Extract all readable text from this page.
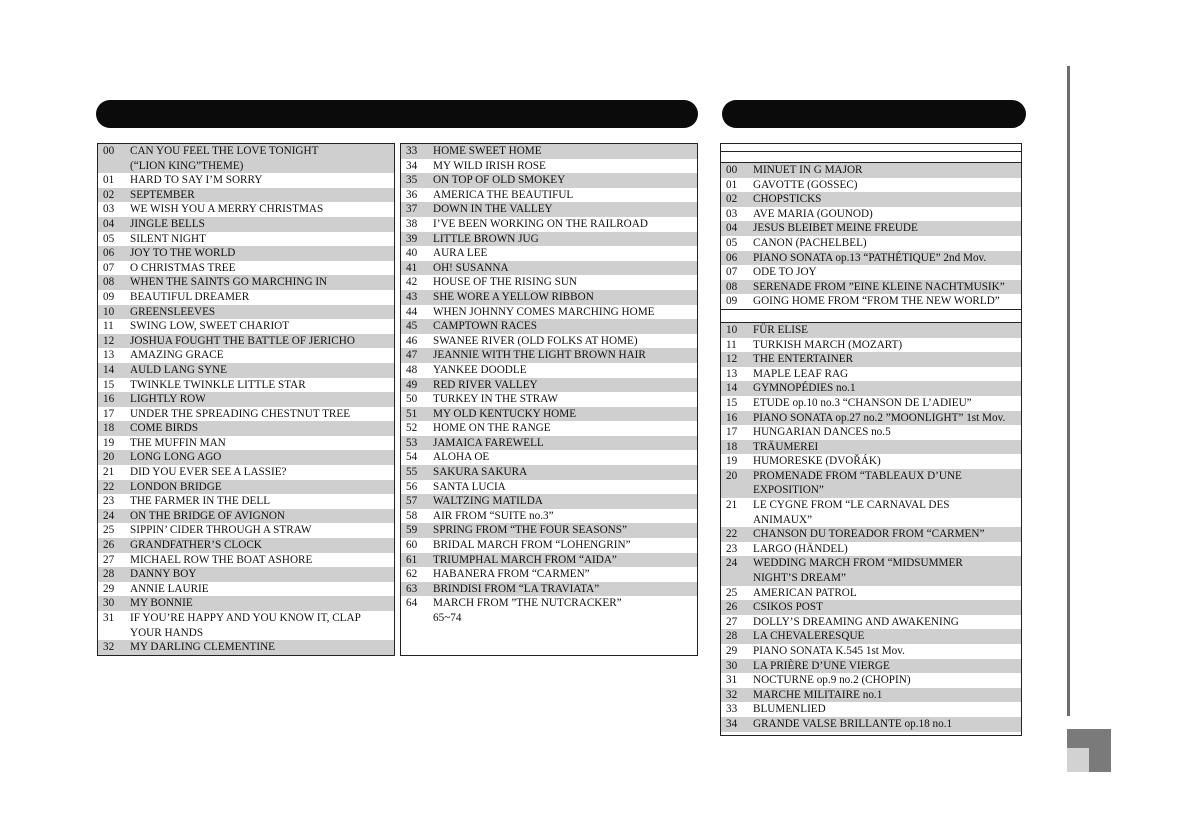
00	CAN YOU FEEL THE LOVE TONIGHT
(“LION KING”THEME)
01	HARD TO SAY I’M SORRY
02	SEPTEMBER
03	WE WISH YOU A MERRY CHRISTMAS
04	JINGLE BELLS
05	SILENT NIGHT
06	JOY TO THE WORLD
07	O CHRISTMAS TREE
08	WHEN THE SAINTS GO MARCHING IN
09	BEAUTIFUL DREAMER
10	GREENSLEEVES
11	SWING LOW, SWEET CHARIOT
12	JOSHUA FOUGHT THE BATTLE OF JERICHO
13	AMAZING GRACE
14	AULD LANG SYNE
15	TWINKLE TWINKLE LITTLE STAR
16	LIGHTLY ROW
17	UNDER THE SPREADING CHESTNUT TREE
18	COME BIRDS
19	THE MUFFIN MAN
20	LONG LONG AGO
21	DID YOU EVER SEE A LASSIE?
22	LONDON BRIDGE
23	THE FARMER IN THE DELL
24	ON THE BRIDGE OF AVIGNON
25	SIPPIN’ CIDER THROUGH A STRAW
26	GRANDFATHER’S CLOCK
27	MICHAEL ROW THE BOAT ASHORE
28	DANNY BOY
29	ANNIE LAURIE
30	MY BONNIE
31	IF YOU’RE HAPPY AND YOU KNOW IT, CLAP
YOUR HANDS
32	MY DARLING CLEMENTINE
33	HOME SWEET HOME
34	MY WILD IRISH ROSE
35	ON TOP OF OLD SMOKEY
36	AMERICA THE BEAUTIFUL
37	DOWN IN THE VALLEY
38	I’VE BEEN WORKING ON THE RAILROAD
39	LITTLE BROWN JUG
40	AURA LEE
41	OH! SUSANNA
42	HOUSE OF THE RISING SUN
43	SHE WORE A YELLOW RIBBON
44	WHEN JOHNNY COMES MARCHING HOME
45	CAMPTOWN RACES
46	SWANEE RIVER (OLD FOLKS AT HOME)
47	JEANNIE WITH THE LIGHT BROWN HAIR
48	YANKEE DOODLE
49	RED RIVER VALLEY
50	TURKEY IN THE STRAW
51	MY OLD KENTUCKY HOME
52	HOME ON THE RANGE
53	JAMAICA FAREWELL
54	ALOHA OE
55	SAKURA SAKURA
56	SANTA LUCIA
57	WALTZING MATILDA
58	AIR FROM “SUITE no.3”
59	SPRING FROM “THE FOUR SEASONS”
60	BRIDAL MARCH FROM “LOHENGRIN”
61	TRIUMPHAL MARCH FROM “AIDA”
62	HABANERA FROM “CARMEN”
63	BRINDISI FROM “LA TRAVIATA”
64	MARCH FROM ”THE NUTCRACKER”
65~74
00	MINUET IN G MAJOR
01	GAVOTTE (GOSSEC)
02	CHOPSTICKS
03	AVE MARIA (GOUNOD)
04	JESUS BLEIBET MEINE FREUDE
05	CANON (PACHELBEL)
06	PIANO SONATA op.13 “PATHÉTIQUE” 2nd Mov.
07	ODE TO JOY
08	SERENADE FROM ”EINE KLEINE NACHTMUSIK”
09	GOING HOME FROM “FROM THE NEW WORLD”
10	FÜR ELISE
11	TURKISH MARCH (MOZART)
12	THE ENTERTAINER
13	MAPLE LEAF RAG
14	GYMNOPÉDIES no.1
15	ETUDE op.10 no.3 “CHANSON DE L’ADIEU”
16	PIANO SONATA op.27 no.2 ”MOONLIGHT” 1st Mov.
17	HUNGARIAN DANCES no.5
18	TRÄUMEREI
19	HUMORESKE (DVOŘÁK)
20	PROMENADE FROM “TABLEAUX D’UNE
EXPOSITION”
21	LE CYGNE FROM “LE CARNAVAL DES
ANIMAUX”
22	CHANSON DU TOREADOR FROM “CARMEN”
23	LARGO (HÄNDEL)
24	WEDDING MARCH FROM “MIDSUMMER
NIGHT’S DREAM”
25	AMERICAN PATROL
26	CSIKOS POST
27	DOLLY’S DREAMING AND AWAKENING
28	LA CHEVALERESQUE
29	PIANO SONATA K.545 1st Mov.
30	LA PRIÈRE D’UNE VIERGE
31	NOCTURNE op.9 no.2 (CHOPIN)
32	MARCHE MILITAIRE no.1
33	BLUMENLIED
34	GRANDE VALSE BRILLANTE op.18 no.1
